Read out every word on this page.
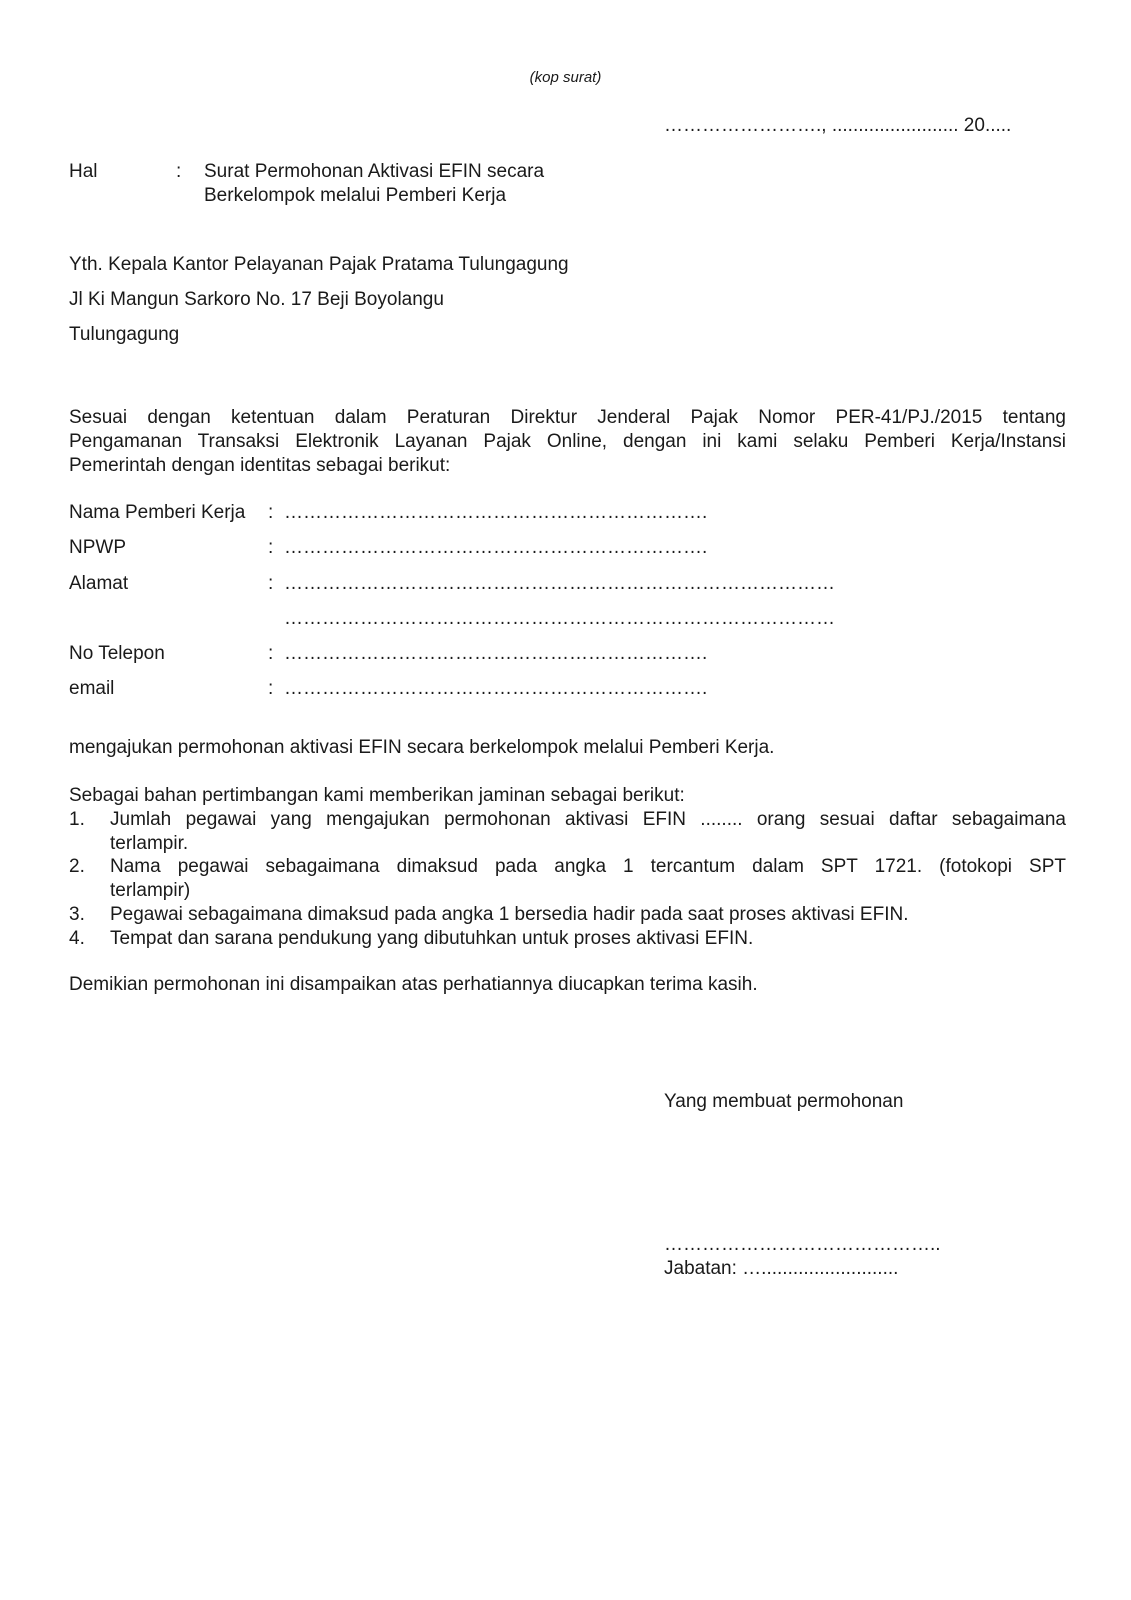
(kop surat)
……………………., ........................ 20.....
Hal	: Surat Permohonan Aktivasi EFIN secara
Berkelompok melalui Pemberi Kerja
Yth. Kepala Kantor Pelayanan Pajak Pratama Tulungagung
Jl Ki Mangun Sarkoro No. 17 Beji Boyolangu
Tulungagung
Sesuai dengan ketentuan dalam Peraturan Direktur Jenderal Pajak Nomor PER-41/PJ./2015 tentang
Pengamanan Transaksi Elektronik Layanan Pajak Online, dengan ini kami selaku Pemberi Kerja/Instansi
Pemerintah dengan identitas sebagai berikut:
Nama Pemberi Kerja : ………………………………………………………….
NPWP	: ………………………………………………………….
Alamat	: ……………………………………………………………………………
……………………………………………………………………………
No Telepon	: ………………………………………………………….
email	: ………………………………………………………….
mengajukan permohonan aktivasi EFIN secara berkelompok melalui Pemberi Kerja.
Sebagai bahan pertimbangan kami memberikan jaminan sebagai berikut:
1. Jumlah pegawai yang mengajukan permohonan aktivasi EFIN ........ orang sesuai daftar sebagaimana
terlampir.
2. Nama pegawai sebagaimana dimaksud pada angka 1 tercantum dalam SPT 1721. (fotokopi SPT
terlampir)
3. Pegawai sebagaimana dimaksud pada angka 1 bersedia hadir pada saat proses aktivasi EFIN.
4. Tempat dan sarana pendukung yang dibutuhkan untuk proses aktivasi EFIN.
Demikian permohonan ini disampaikan atas perhatiannya diucapkan terima kasih.
Yang membuat permohonan
……………………………………..
Jabatan: …..........................
